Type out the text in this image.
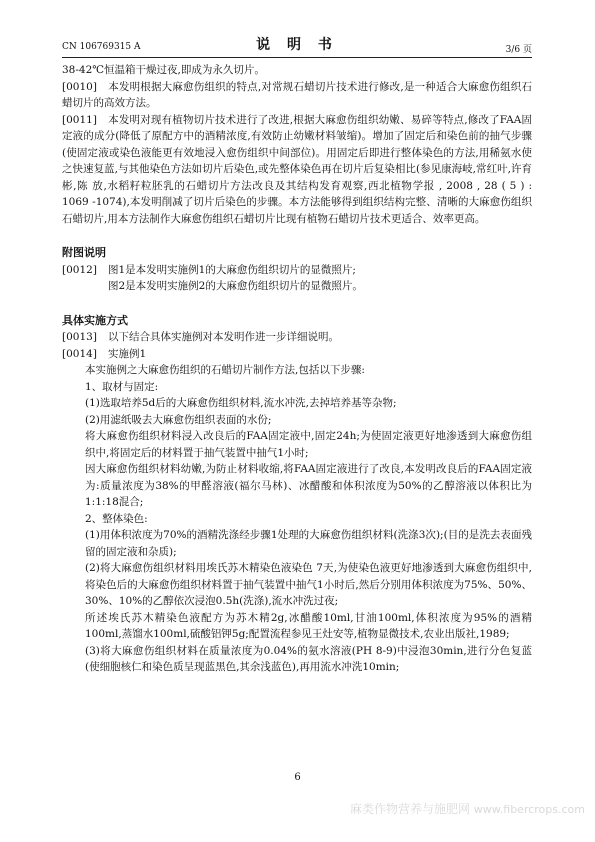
CN 106769315 A	说 明 书	3/6 页

38-42℃恒温箱干燥过夜,即成为永久切片。

[0010] 本发明根据大麻愈伤组织的特点,对常规石蜡切片技术进行修改,是一种适合大麻愈伤组织石蜡切片的高效方法。

[0011] 本发明对现有植物切片技术进行了改进,根据大麻愈伤组织幼嫩、易碎等特点,修改了FAA固定液的成分(降低了原配方中的酒精浓度,有效防止幼嫩材料皱缩)。增加了固定后和染色前的抽气步骤(使固定液或染色液能更有效地浸入愈伤组织中间部位)。用固定后即进行整体染色的方法,用稀氨水使之快速复蓝,与其他染色方法如切片后染色,或先整体染色再在切片后复染相比(参见康海岐,常红叶,许育彬,陈 放,水稻籽粒胚乳的石蜡切片方法改良及其结构发育观察,西北植物学报 , 2008 , 28 ( 5 ) : 1069 -1074),本发明削减了切片后染色的步骤。本方法能够得到组织结构完整、清晰的大麻愈伤组织石蜡切片,用本方法制作大麻愈伤组织石蜡切片比现有植物石蜡切片技术更适合、效率更高。

附图说明

[0012] 图1是本发明实施例1的大麻愈伤组织切片的显微照片;

图2是本发明实施例2的大麻愈伤组织切片的显微照片。

具体实施方式

[0013] 以下结合具体实施例对本发明作进一步详细说明。

[0014] 实施例1

本实施例之大麻愈伤组织的石蜡切片制作方法,包括以下步骤:

1、取材与固定:

(1)选取培养5d后的大麻愈伤组织材料,流水冲洗,去掉培养基等杂物;

(2)用滤纸吸去大麻愈伤组织表面的水份;

将大麻愈伤组织材料浸入改良后的FAA固定液中,固定24h;为使固定液更好地渗透到大麻愈伤组织中,将固定后的材料置于抽气装置中抽气1小时;

因大麻愈伤组织材料幼嫩,为防止材料收缩,将FAA固定液进行了改良,本发明改良后的FAA固定液为:质量浓度为38%的甲醛溶液(福尔马林)、冰醋酸和体积浓度为50%的乙醇溶液以体积比为1:1:18混合;

2、整体染色:

(1)用体积浓度为70%的酒精洗涤经步骤1处理的大麻愈伤组织材料(洗涤3次);(目的是洗去表面残留的固定液和杂质);

(2)将大麻愈伤组织材料用埃氏苏木精染色液染色 7天,为使染色液更好地渗透到大麻愈伤组织中,将染色后的大麻愈伤组织材料置于抽气装置中抽气1小时后,然后分别用体积浓度为75%、50%、30%、10%的乙醇依次浸泡0.5h(洗涤),流水冲洗过夜;

所述埃氏苏木精染色液配方为苏木精2g,冰醋酸10ml,甘油100ml,体积浓度为95%的酒精100ml,蒸馏水100ml,硫酸铝钾5g;配置流程参见王灶安等,植物显微技术,农业出版社,1989;

(3)将大麻愈伤组织材料在质量浓度为0.04%的氨水溶液(PH 8-9)中浸泡30min,进行分色复蓝(使细胞核仁和染色质呈现蓝黑色,其余浅蓝色),再用流水冲洗10min;

6
麻类作物营养与施肥网 www.fibercrops.com
